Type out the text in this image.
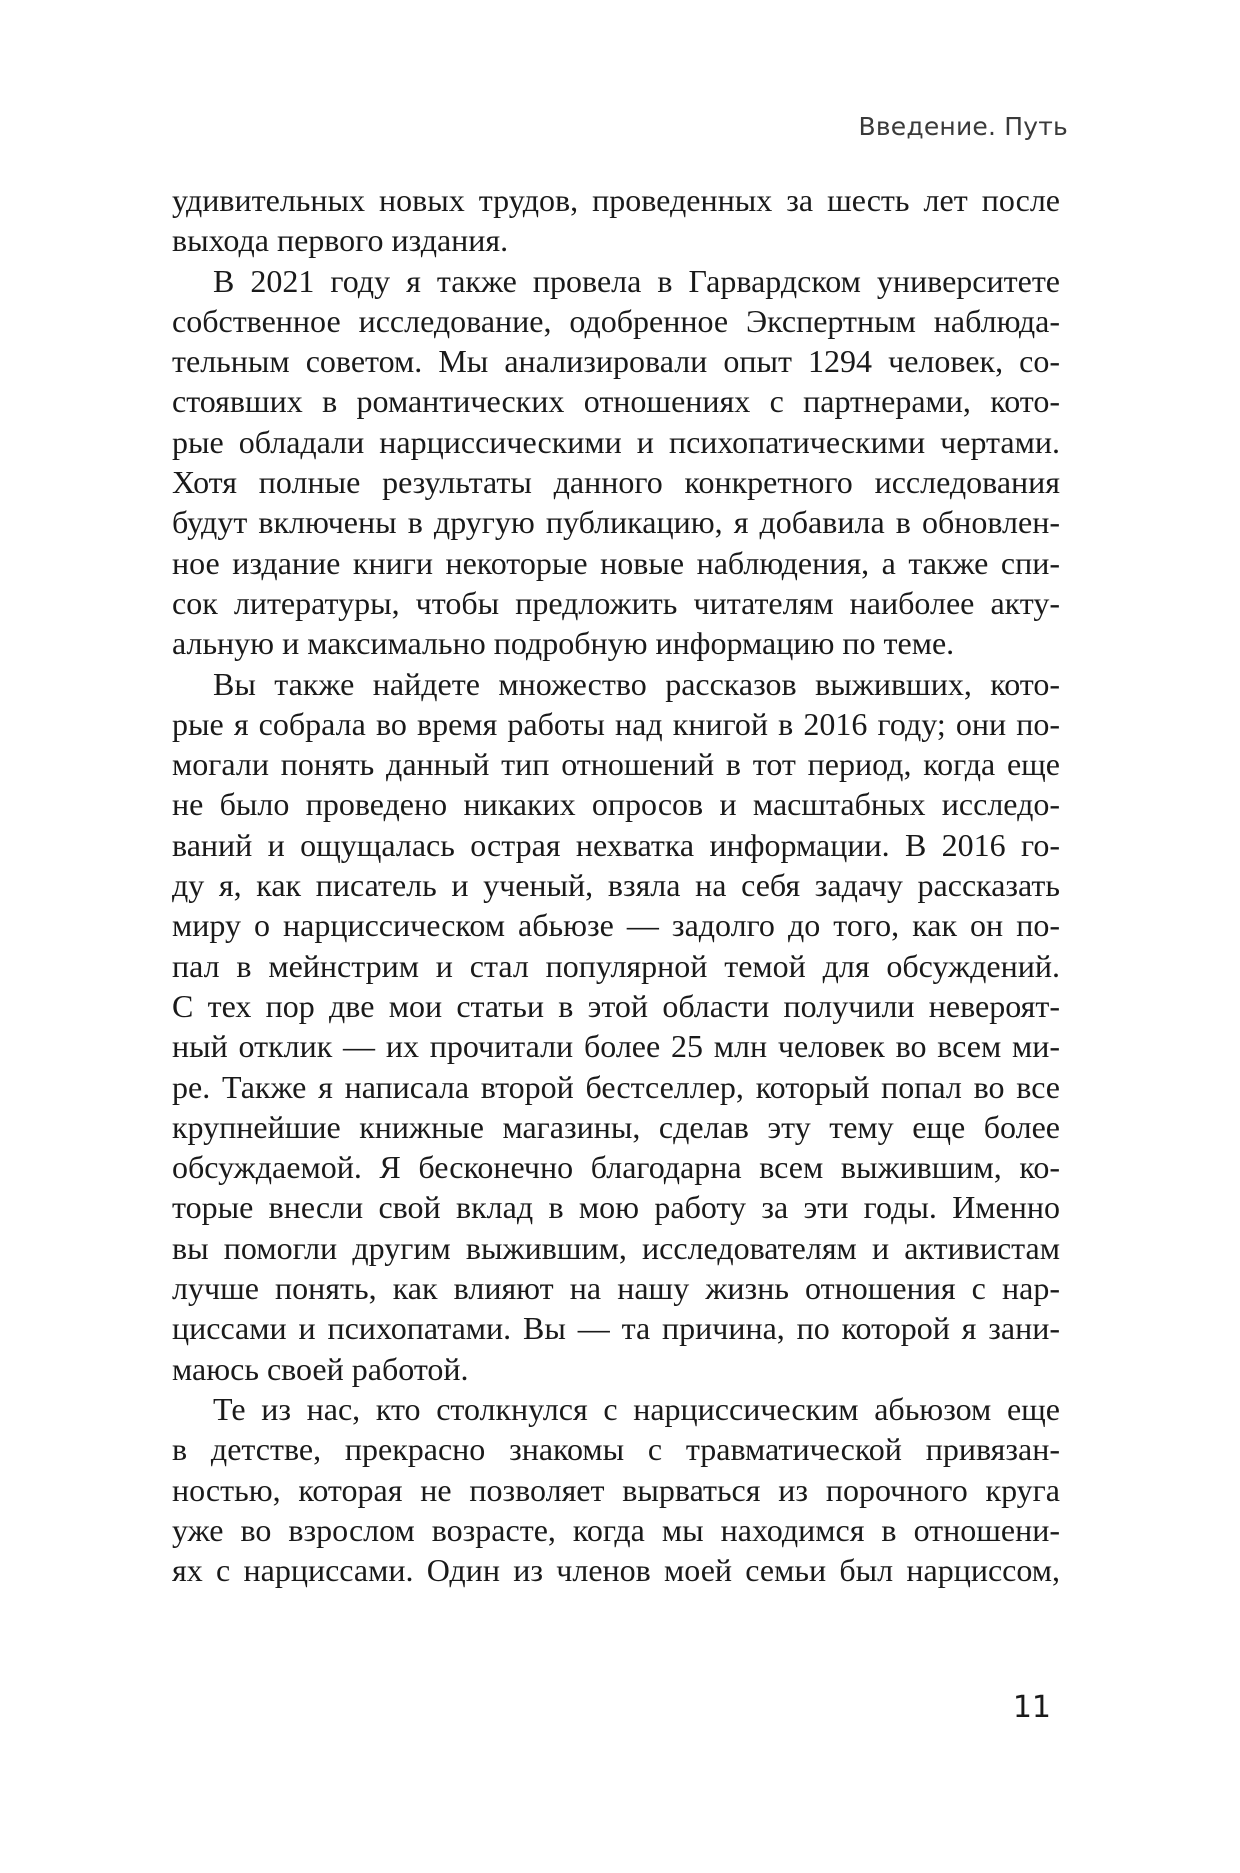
Введение. Путь
удивительных новых трудов, проведенных за шесть лет после
выхода первого издания.
В 2021 году я также провела в Гарвардском университете
собственное исследование, одобренное Экспертным наблюда-
тельным советом. Мы анализировали опыт 1294 человек, со-
стоявших в романтических отношениях с партнерами, кото-
рые обладали нарциссическими и психопатическими чертами.
Хотя полные результаты данного конкретного исследования
будут включены в другую публикацию, я добавила в обновлен-
ное издание книги некоторые новые наблюдения, а также спи-
сок литературы, чтобы предложить читателям наиболее акту-
альную и максимально подробную информацию по теме.
Вы также найдете множество рассказов выживших, кото-
рые я собрала во время работы над книгой в 2016 году; они по-
могали понять данный тип отношений в тот период, когда еще
не было проведено никаких опросов и масштабных исследо-
ваний и ощущалась острая нехватка информации. В 2016 го-
ду я, как писатель и ученый, взяла на себя задачу рассказать
миру о нарциссическом абьюзе — задолго до того, как он по-
пал в мейнстрим и стал популярной темой для обсуждений.
С тех пор две мои статьи в этой области получили невероят-
ный отклик — их прочитали более 25 млн человек во всем ми-
ре. Также я написала второй бестселлер, который попал во все
крупнейшие книжные магазины, сделав эту тему еще более
обсуждаемой. Я бесконечно благодарна всем выжившим, ко-
торые внесли свой вклад в мою работу за эти годы. Именно
вы помогли другим выжившим, исследователям и активистам
лучше понять, как влияют на нашу жизнь отношения с нар-
циссами и психопатами. Вы — та причина, по которой я зани-
маюсь своей работой.
Те из нас, кто столкнулся с нарциссическим абьюзом еще
в детстве, прекрасно знакомы с травматической привязан-
ностью, которая не позволяет вырваться из порочного круга
уже во взрослом возрасте, когда мы находимся в отношени-
ях с нарциссами. Один из членов моей семьи был нарциссом,
11
